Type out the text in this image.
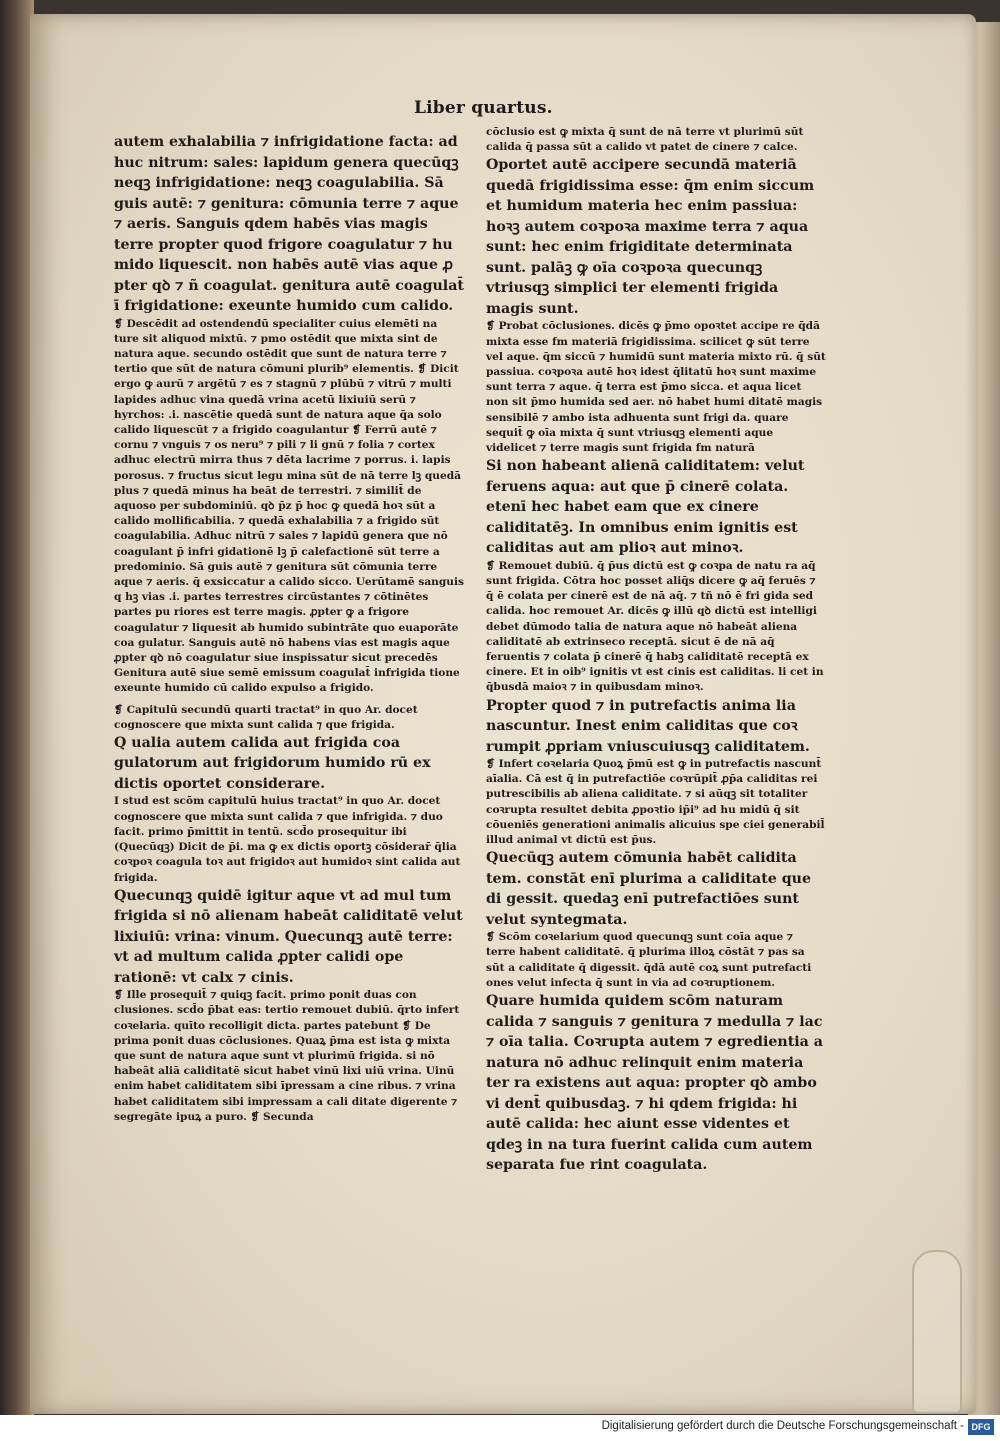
Liber quartus.

autem exhalabilia ⁊ infrigidatione facta: ad huc nitrum: sales: lapidum genera quecūqꝫ neqꝫ infrigidatione: neqꝫ coagulabilia. Sā guis autē: ⁊ genitura: cōmunia terre ⁊ aque ⁊ aeris. Sanguis qdem habēs vias magis terre propter quod frigore coagulatur ⁊ hu mido liquescit. non habēs autē vias aque ꝓ pter qꝺ ⁊ ñ coagulat. genitura autē coagulat̄ ī frigidatione: exeunte humido cum calido.

❡ Descēdit ad ostendendū specialiter cuius elemēti na ture sit aliquod mixtū. ⁊ pmo ostēdit que mixta sint de natura aque. secundo ostēdit que sunt de natura terre ⁊ tertio que sūt de natura cōmuni plurib⁹ elementis. ❡ Dicit ergo ꝙ aurū ⁊ argētū ⁊ es ⁊ stagnū ⁊ plūbū ⁊ vitrū ⁊ multi lapides adhuc vina quedā vrina acetū lixiuiū serū ⁊ hyrchos: .i. nascētie quedā sunt de natura aque q̄a solo calido liquescūt ⁊ a frigido coagulantur ❡ Ferrū autē ⁊ cornu ⁊ vnguis ⁊ os neru⁹ ⁊ pili ⁊ li gnū ⁊ folia ⁊ cortex adhuc electrū mirra thus ⁊ dēta lacrime ⁊ porrus. i. lapis porosus. ⁊ fructus sicut legu mina sūt de nā terre lꝫ quedā plus ⁊ quedā minus ha beāt de terrestri. ⁊ similit̄ de aquoso per subdominiū. qꝺ p̄z p̄ hoc ꝙ quedā hoꝛ sūt a calido mollificabilia. ⁊ quedā exhalabilia ⁊ a frigido sūt coagulabilia. Adhuc nitrū ⁊ sales ⁊ lapidū genera que nō coagulant p̄ infri gidationē lꝫ p̄ calefactionē sūt terre a predominio. Sā guis autē ⁊ genitura sūt cōmunia terre aque ⁊ aeris. q̄ exsiccatur a calido sicco. Uerūtamē sanguis q hꝫ vias .i. partes terrestres circūstantes ⁊ cōtinētes partes pu riores est terre magis. ꝓpter ꝙ a frigore coagulatur ⁊ liquesit ab humido subintrāte quo euaporāte coa gulatur. Sanguis autē nō habens vias est magis aque ꝓpter qꝺ nō coagulatur siue inspissatur sicut precedēs Genitura autē siue semē emissum coagulat̄ infrigida tione exeunte humido cū calido expulso a frigido.

❡ Capitulū secundū quarti tractat⁹ in quo Ar. docet cognoscere que mixta sunt calida ⁊ que frigida.

Q ualia autem calida aut frigida coa gulatorum aut frigidorum humido rū ex dictis oportet considerare.

I stud est scōm capitulū huius tractat⁹ in quo Ar. docet cognoscere que mixta sunt calida ⁊ que infrigida. ⁊ duo facit. primo p̄mittit in tentū. scd̄o prosequitur ibi (Quecūqꝫ) Dicit de p̄i. ma ꝙ ex dictis oportꝫ cōsiderar̄ q̄lia coꝛpoꝛ coagula toꝛ aut frigidoꝛ aut humidoꝛ sint calida aut frigida.

Quecunqꝫ quidē igitur aque vt ad mul tum frigida si nō alienam habeāt caliditatē velut lixiuiū: vrina: vinum. Quecunqꝫ autē terre: vt ad multum calida ꝓpter calidi ope rationē: vt calx ⁊ cinis.

❡ Ille prosequit̄ ⁊ quiqꝫ facit. primo ponit duas con clusiones. scd̄o p̄bat eas: tertio remouet dubiū. q̄rto infert coꝛelaria. quīto recolligit dicta. partes patebunt ❡ De prima ponit duas cōclusiones. Quaꝝ p̄ma est ista ꝙ mixta que sunt de natura aque sunt vt plurimū frigida. si nō habeāt aliā caliditatē sicut habet vinū lixi uiū vrina. Uinū enim habet caliditatem sibi īpressam a cine ribus. ⁊ vrina habet caliditatem sibi impressam a cali ditate digerente ⁊ segregāte ipuꝝ a puro. ❡ Secunda

cōclusio est ꝙ mixta q̄ sunt de nā terre vt plurimū sūt calida q̄ passa sūt a calido vt patet de cinere ⁊ calce.

Oportet autē accipere secundā materiā quedā frigidissima esse: q̄m enim siccum et humidum materia hec enim passiua: hoꝛꝫ autem coꝛpoꝛa maxime terra ⁊ aqua sunt: hec enim frigiditate determinata sunt. palāꝫ ꝙ oīa coꝛpoꝛa quecunqꝫ vtriusqꝫ simplici ter elementi frigida magis sunt.

❡ Probat cōclusiones. dicēs ꝙ p̄mo opoꝛtet accipe re q̄dā mixta esse fm materiā frigidissima. scilicet ꝙ sūt terre vel aque. q̄m siccū ⁊ humidū sunt materia mixto rū. q̄ sūt passiua. coꝛpoꝛa autē hoꝛ idest q̄litatū hoꝛ sunt maxime sunt terra ⁊ aque. q̄ terra est p̄mo sicca. et aqua licet non sit p̄mo humida sed aer. nō habet humi ditatē magis sensibilē ⁊ ambo ista adhuenta sunt frigi da. quare sequit̄ ꝙ oīa mixta q̄ sunt vtriusqꝫ elementi aque videlicet ⁊ terre magis sunt frigida fm naturā

Si non habeant alienā caliditatem: velut feruens aqua: aut que p̄ cinerē colata. etenī hec habet eam que ex cinere caliditatēꝫ. In omnibus enim ignitis est caliditas aut am plioꝛ aut minoꝛ.

❡ Remouet dubiū. q̄ p̄us dictū est ꝙ coꝛpa de natu ra aq̄ sunt frigida. Cōtra hoc posset aliq̄s dicere ꝙ aq̄ feruēs ⁊ q̄ ē colata per cinerē est de nā aq̄. ⁊ tñ nō ē fri gida sed calida. hoc remouet Ar. dicēs ꝙ illū qꝺ dictū est intelligi debet dūmodo talia de natura aque nō habeāt aliena caliditatē ab extrinseco receptā. sicut ē de nā aq̄ feruentis ⁊ colata p̄ cinerē q̄ habꝫ caliditatē receptā ex cinere. Et in oib⁹ ignitis vt est cinis est caliditas. li cet in q̄busdā maioꝛ ⁊ in quibusdam minoꝛ.

Propter quod ⁊ in putrefactis anima lia nascuntur. Inest enim caliditas que coꝛ rumpit ꝓpriam vniuscuiusqꝫ caliditatem.

❡ Infert coꝛelaria Quoꝝ p̄mū est ꝙ in putrefactis nascunt̄ aīalia. Cā est q̄ in putrefactiōe coꝛrūpit̄ ꝓp̄a caliditas rei putrescibilis ab aliena caliditate. ⁊ si aūqꝫ sit totaliter coꝛrupta resultet debita ꝓpoꝛtio ip̄i⁹ ad hu midū q̄ sit cōueniēs generationi animalis alicuius spe ciei generabil̄ illud animal vt dictū est p̄us.

Quecūqꝫ autem cōmunia habēt calidita tem. constāt enī plurima a caliditate que di gessit. quedaꝫ enī putrefactiōes sunt velut syntegmata.

❡ Scōm coꝛelarium quod quecunqꝫ sunt coīa aque ⁊ terre habent caliditatē. q̄ plurima illoꝝ cōstāt ⁊ pas sa sūt a caliditate q̄ digessit. q̄dā autē coꝝ sunt putrefacti ones velut infecta q̄ sunt in via ad coꝛruptionem.

Quare humida quidem scōm naturam calida ⁊ sanguis ⁊ genitura ⁊ medulla ⁊ lac ⁊ oīa talia. Coꝛrupta autem ⁊ egredientia a natura nō adhuc relinquit enim materia ter ra existens aut aqua: propter qꝺ ambo vi dent̄ quibusdaꝫ. ⁊ hi qdem frigida: hi autē calida: hec aiunt esse videntes et qdeꝫ in na tura fuerint calida cum autem separata fue rint coagulata.

Digitalisierung gefördert durch die Deutsche Forschungsgemeinschaft - DFG
